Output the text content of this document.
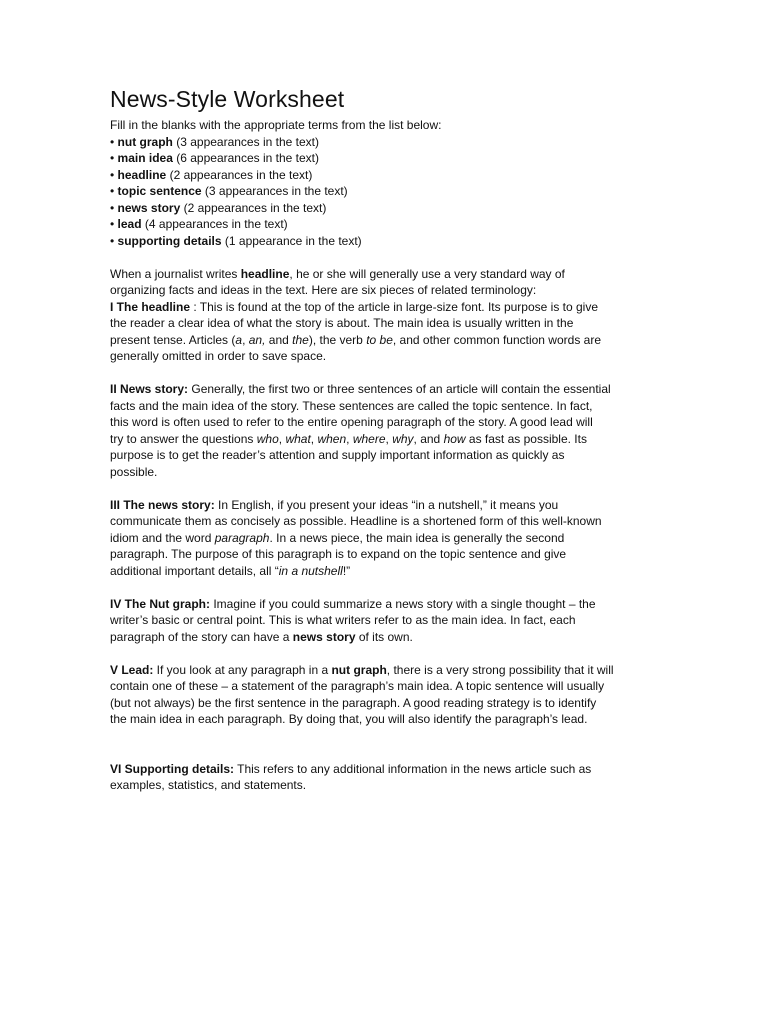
News-Style Worksheet
Fill in the blanks with the appropriate terms from the list below:
• nut graph (3 appearances in the text)
• main idea (6 appearances in the text)
• headline (2 appearances in the text)
• topic sentence (3 appearances in the text)
• news story (2 appearances in the text)
• lead (4 appearances in the text)
• supporting details (1 appearance in the text)
When a journalist writes headline, he or she will generally use a very standard way of
organizing facts and ideas in the text. Here are six pieces of related terminology:
I The headline : This is found at the top of the article in large-size font. Its purpose is to give
the reader a clear idea of what the story is about. The main idea is usually written in the
present tense. Articles (a, an, and the), the verb to be, and other common function words are
generally omitted in order to save space.
II News story: Generally, the first two or three sentences of an article will contain the essential
facts and the main idea of the story. These sentences are called the topic sentence. In fact,
this word is often used to refer to the entire opening paragraph of the story. A good lead will
try to answer the questions who, what, when, where, why, and how as fast as possible. Its
purpose is to get the reader’s attention and supply important information as quickly as
possible.
III The news story: In English, if you present your ideas “in a nutshell,” it means you
communicate them as concisely as possible. Headline is a shortened form of this well-known
idiom and the word paragraph. In a news piece, the main idea is generally the second
paragraph. The purpose of this paragraph is to expand on the topic sentence and give
additional important details, all “in a nutshell!”
IV The Nut graph: Imagine if you could summarize a news story with a single thought – the
writer’s basic or central point. This is what writers refer to as the main idea. In fact, each
paragraph of the story can have a news story of its own.
V Lead: If you look at any paragraph in a nut graph, there is a very strong possibility that it will
contain one of these – a statement of the paragraph’s main idea. A topic sentence will usually
(but not always) be the first sentence in the paragraph. A good reading strategy is to identify
the main idea in each paragraph. By doing that, you will also identify the paragraph’s lead.
VI Supporting details: This refers to any additional information in the news article such as
examples, statistics, and statements.
